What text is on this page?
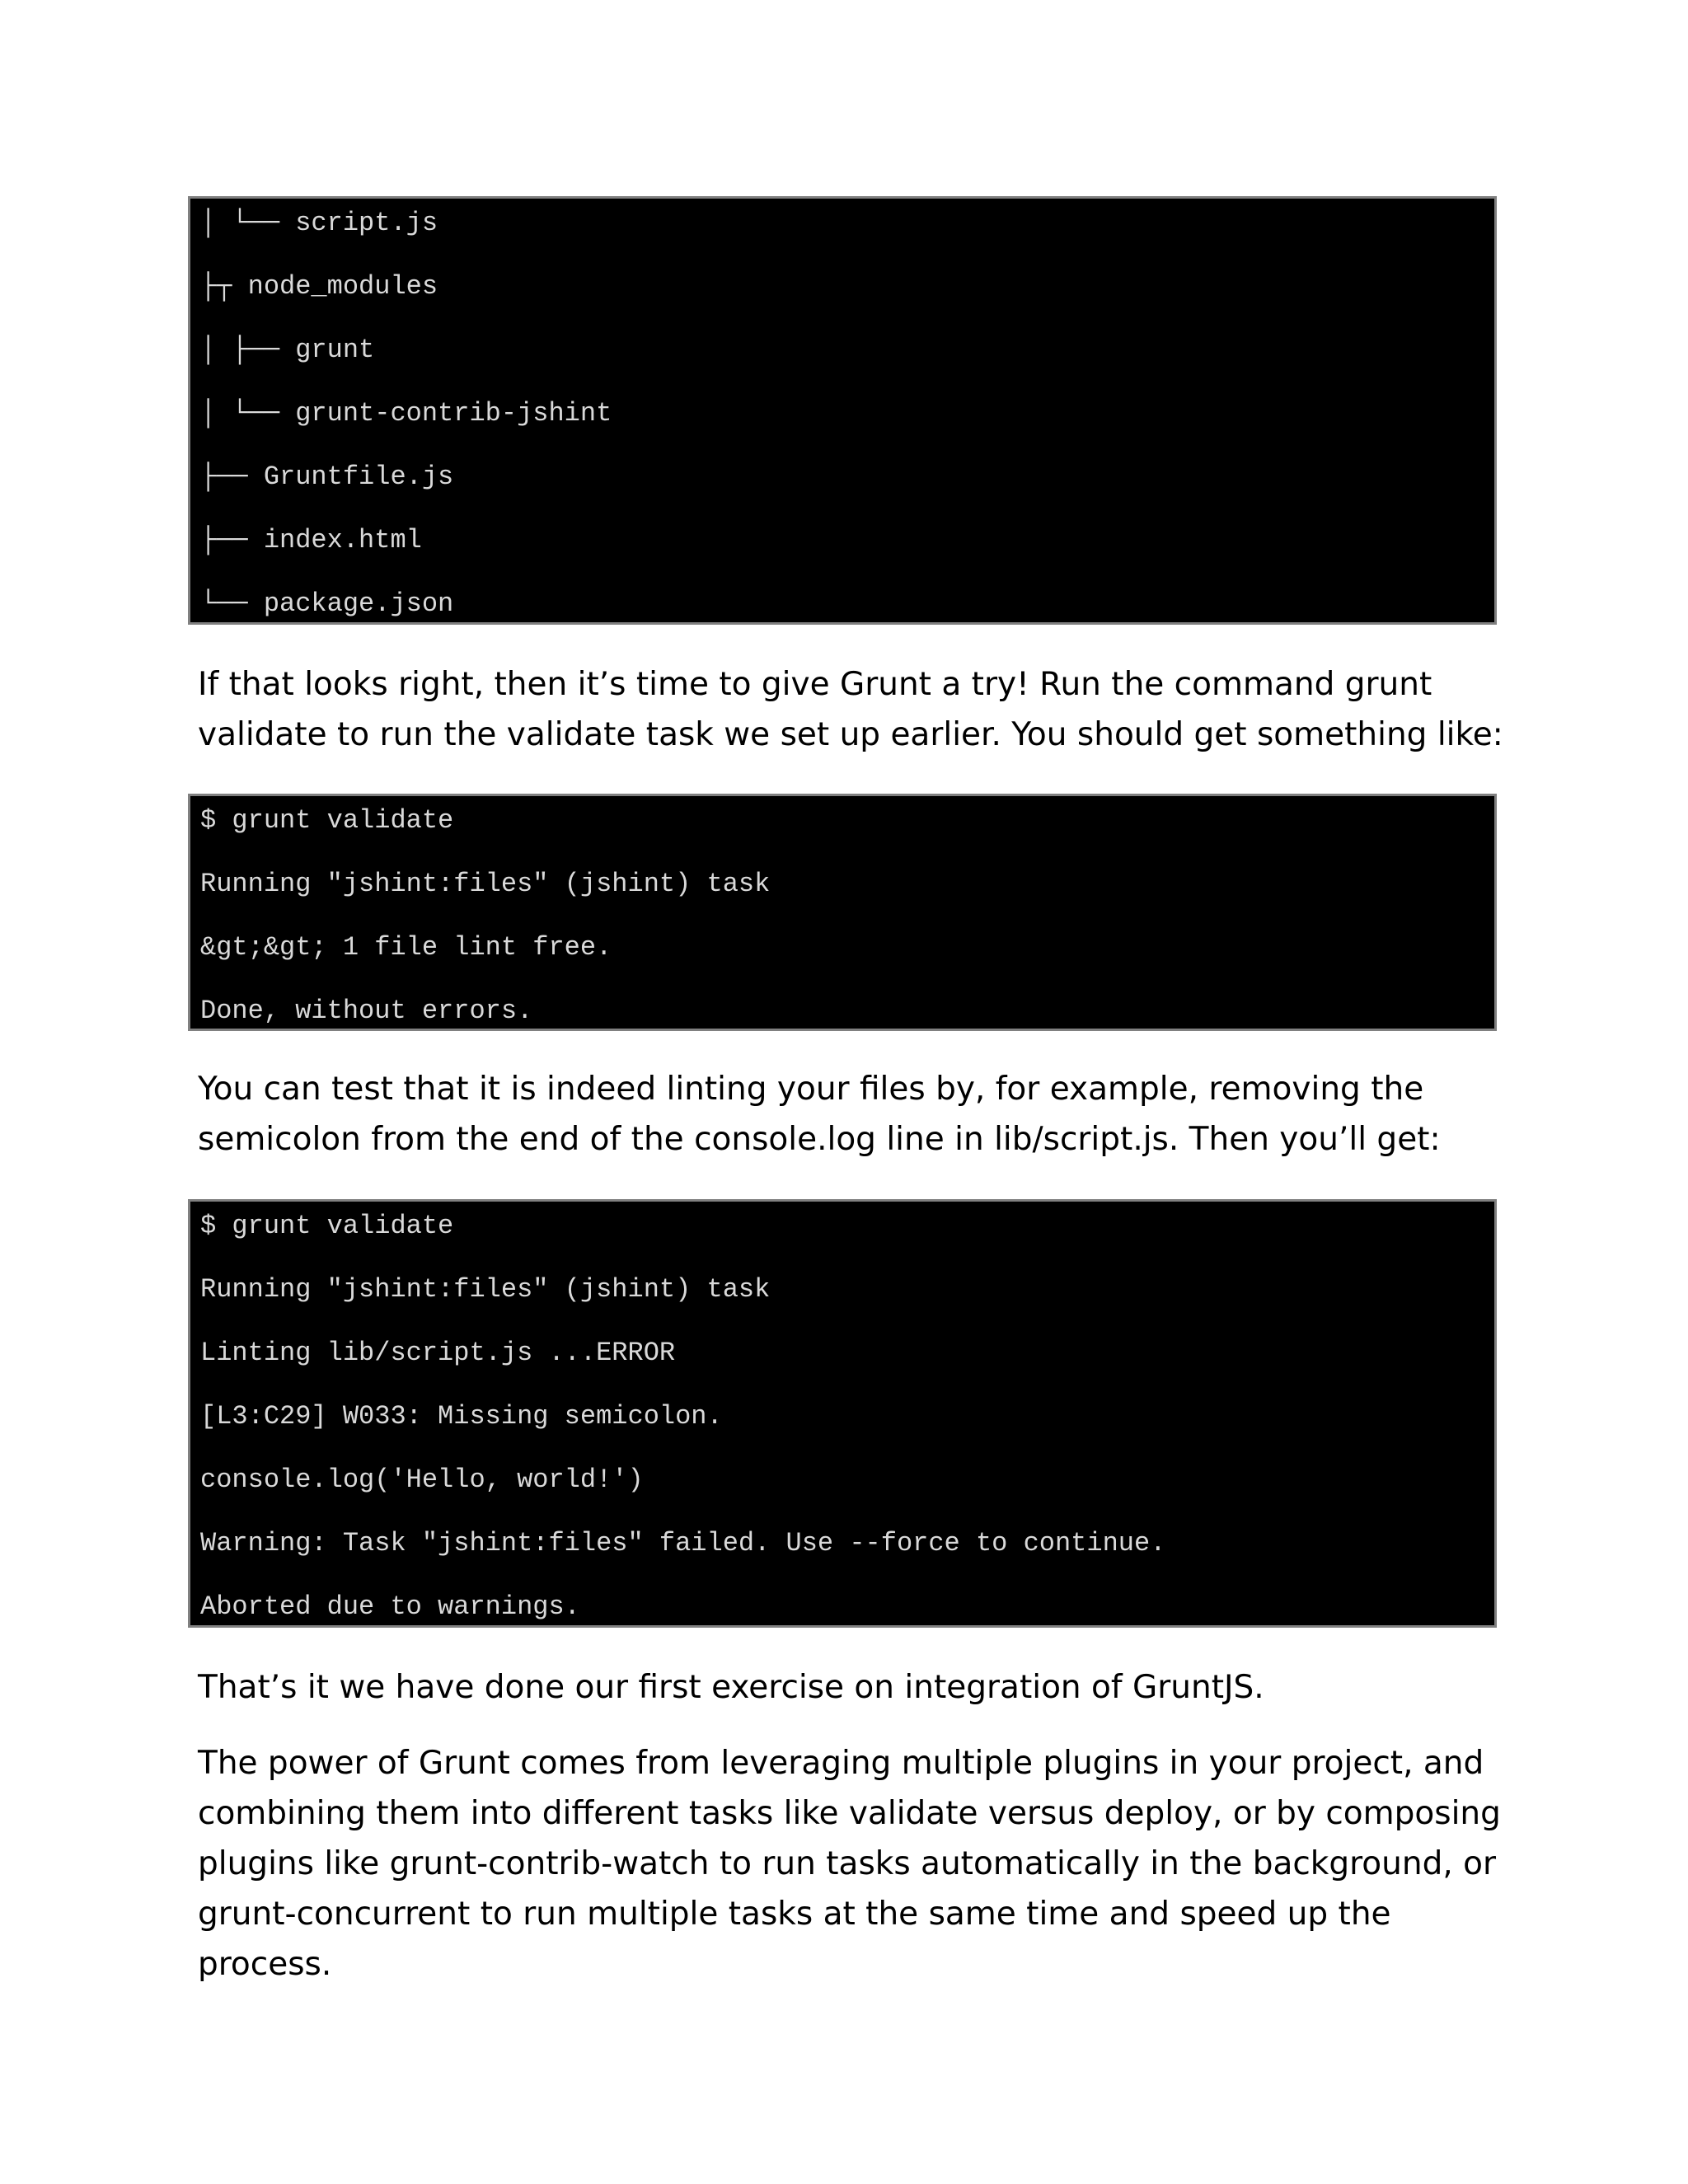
│ └── script.js
├┬ node_modules
│ ├── grunt
│ └── grunt-contrib-jshint
├── Gruntfile.js
├── index.html
└── package.json

If that looks right, then it’s time to give Grunt a try! Run the command grunt validate to run the validate task we set up earlier. You should get something like:

$ grunt validate
Running "jshint:files" (jshint) task
&gt;&gt; 1 file lint free.
Done, without errors.

You can test that it is indeed linting your files by, for example, removing the semicolon from the end of the console.log line in lib/script.js. Then you’ll get:

$ grunt validate
Running "jshint:files" (jshint) task
Linting lib/script.js ...ERROR
[L3:C29] W033: Missing semicolon.
console.log('Hello, world!')
Warning: Task "jshint:files" failed. Use --force to continue.
Aborted due to warnings.

That’s it we have done our first exercise on integration of GruntJS.

The power of Grunt comes from leveraging multiple plugins in your project, and combining them into different tasks like validate versus deploy, or by composing plugins like grunt-contrib-watch to run tasks automatically in the background, or grunt-concurrent to run multiple tasks at the same time and speed up the process.
